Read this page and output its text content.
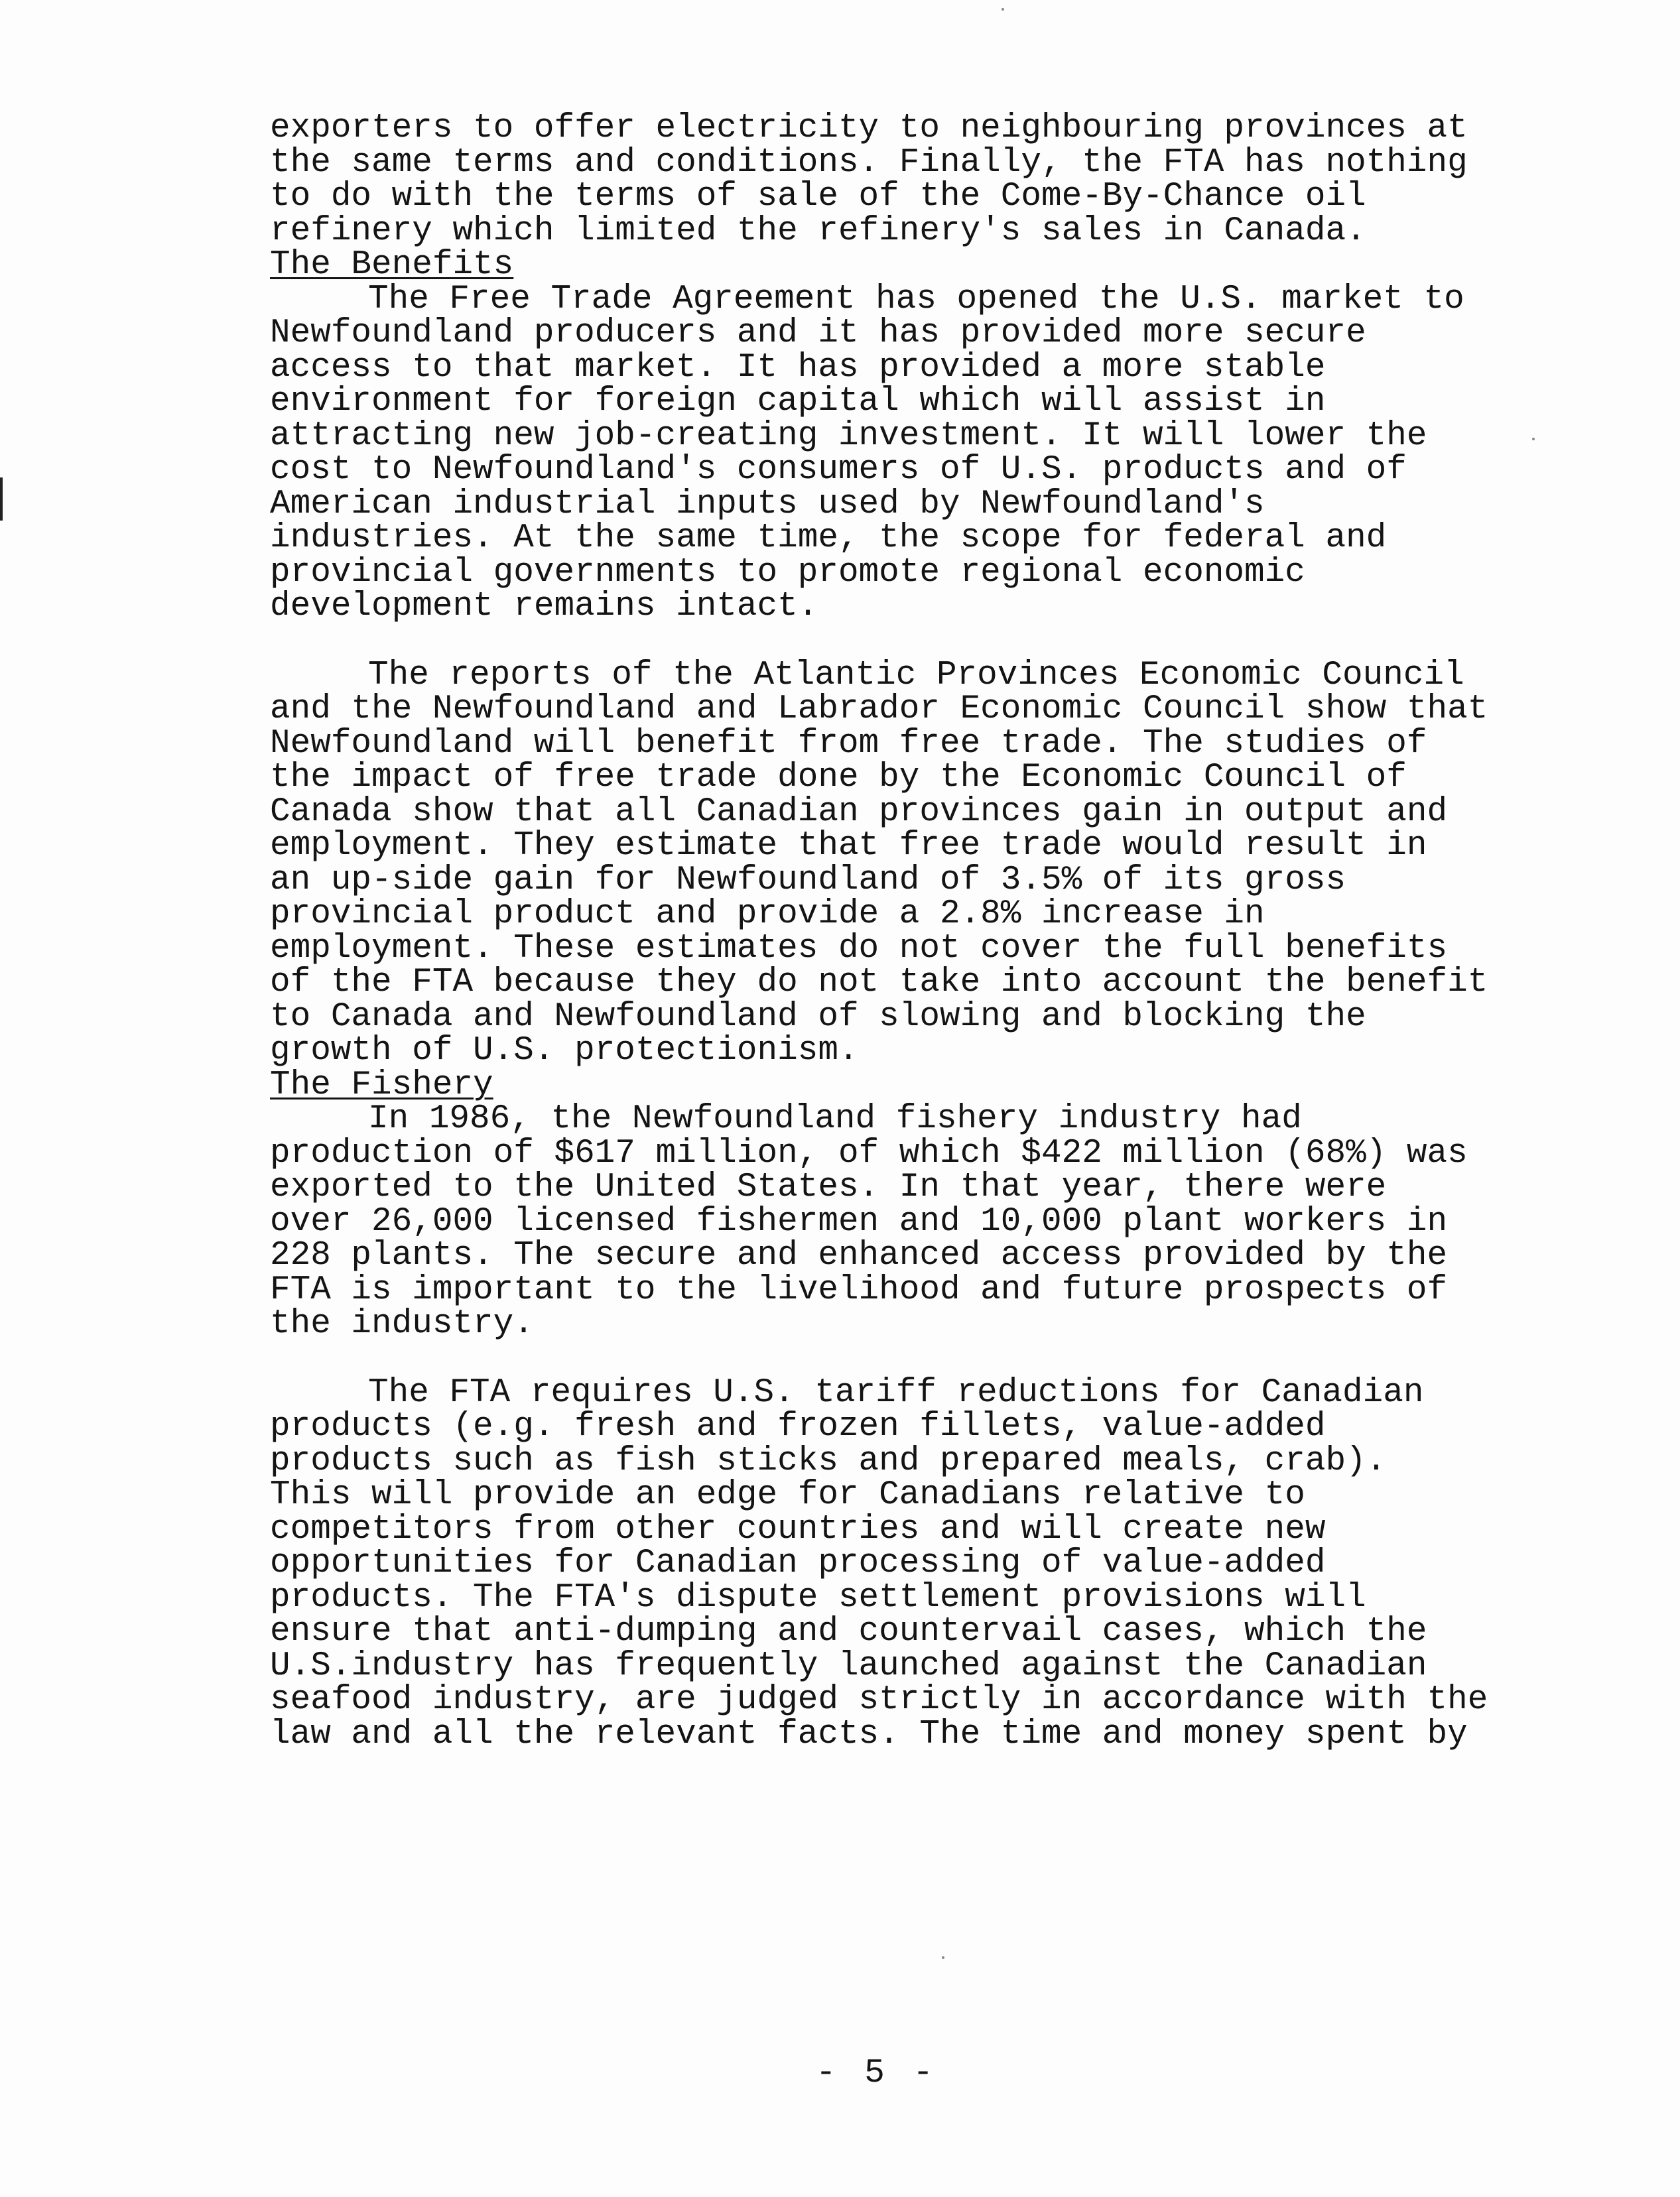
exporters to offer electricity to neighbouring provinces at
the same terms and conditions. Finally, the FTA has nothing
to do with the terms of sale of the Come-By-Chance oil
refinery which limited the refinery's sales in Canada.

The Benefits

The Free Trade Agreement has opened the U.S. market to
Newfoundland producers and it has provided more secure
access to that market. It has provided a more stable
environment for foreign capital which will assist in
attracting new job-creating investment. It will lower the
cost to Newfoundland's consumers of U.S. products and of
American industrial inputs used by Newfoundland's
industries. At the same time, the scope for federal and
provincial governments to promote regional economic
development remains intact.

The reports of the Atlantic Provinces Economic Council
and the Newfoundland and Labrador Economic Council show that
Newfoundland will benefit from free trade. The studies of
the impact of free trade done by the Economic Council of
Canada show that all Canadian provinces gain in output and
employment. They estimate that free trade would result in
an up-side gain for Newfoundland of 3.5% of its gross
provincial product and provide a 2.8% increase in
employment. These estimates do not cover the full benefits
of the FTA because they do not take into account the benefit
to Canada and Newfoundland of slowing and blocking the
growth of U.S. protectionism.

The Fishery

In 1986, the Newfoundland fishery industry had
production of $617 million, of which $422 million (68%) was
exported to the United States. In that year, there were
over 26,000 licensed fishermen and 10,000 plant workers in
228 plants. The secure and enhanced access provided by the
FTA is important to the livelihood and future prospects of
the industry.

The FTA requires U.S. tariff reductions for Canadian
products (e.g. fresh and frozen fillets, value-added
products such as fish sticks and prepared meals, crab).
This will provide an edge for Canadians relative to
competitors from other countries and will create new
opportunities for Canadian processing of value-added
products. The FTA's dispute settlement provisions will
ensure that anti-dumping and countervail cases, which the
U.S.industry has frequently launched against the Canadian
seafood industry, are judged strictly in accordance with the
law and all the relevant facts. The time and money spent by

- 5 -
